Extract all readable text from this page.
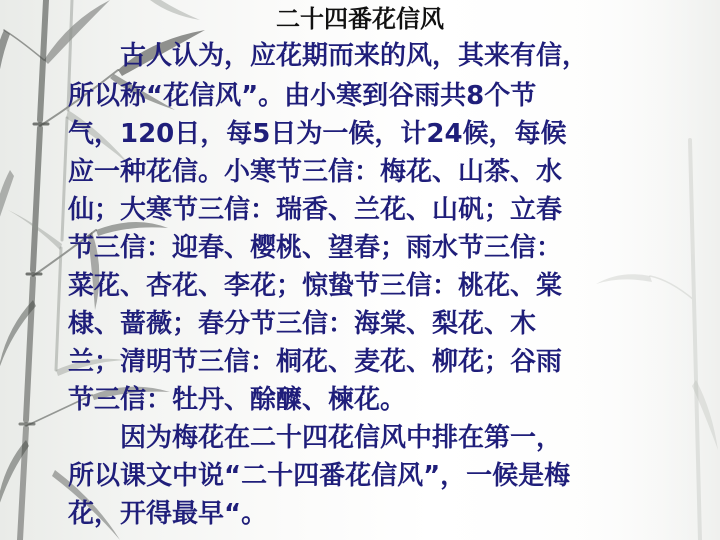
二十四番花信风
　　古人认为，应花期而来的风，其来有信，
所以称“花信风”。由小寒到谷雨共8个节
气，120日，每5日为一候，计24候，每候
应一种花信。小寒节三信：梅花、山茶、水
仙；大寒节三信：瑞香、兰花、山矾；立春
节三信：迎春、樱桃、望春；雨水节三信：
菜花、杏花、李花；惊蛰节三信：桃花、棠
棣、蔷薇；春分节三信：海棠、梨花、木
兰；清明节三信：桐花、麦花、柳花；谷雨
节三信：牡丹、酴醾、楝花。
　　因为梅花在二十四花信风中排在第一，
所以课文中说“二十四番花信风”，一候是梅
花，开得最早“。
